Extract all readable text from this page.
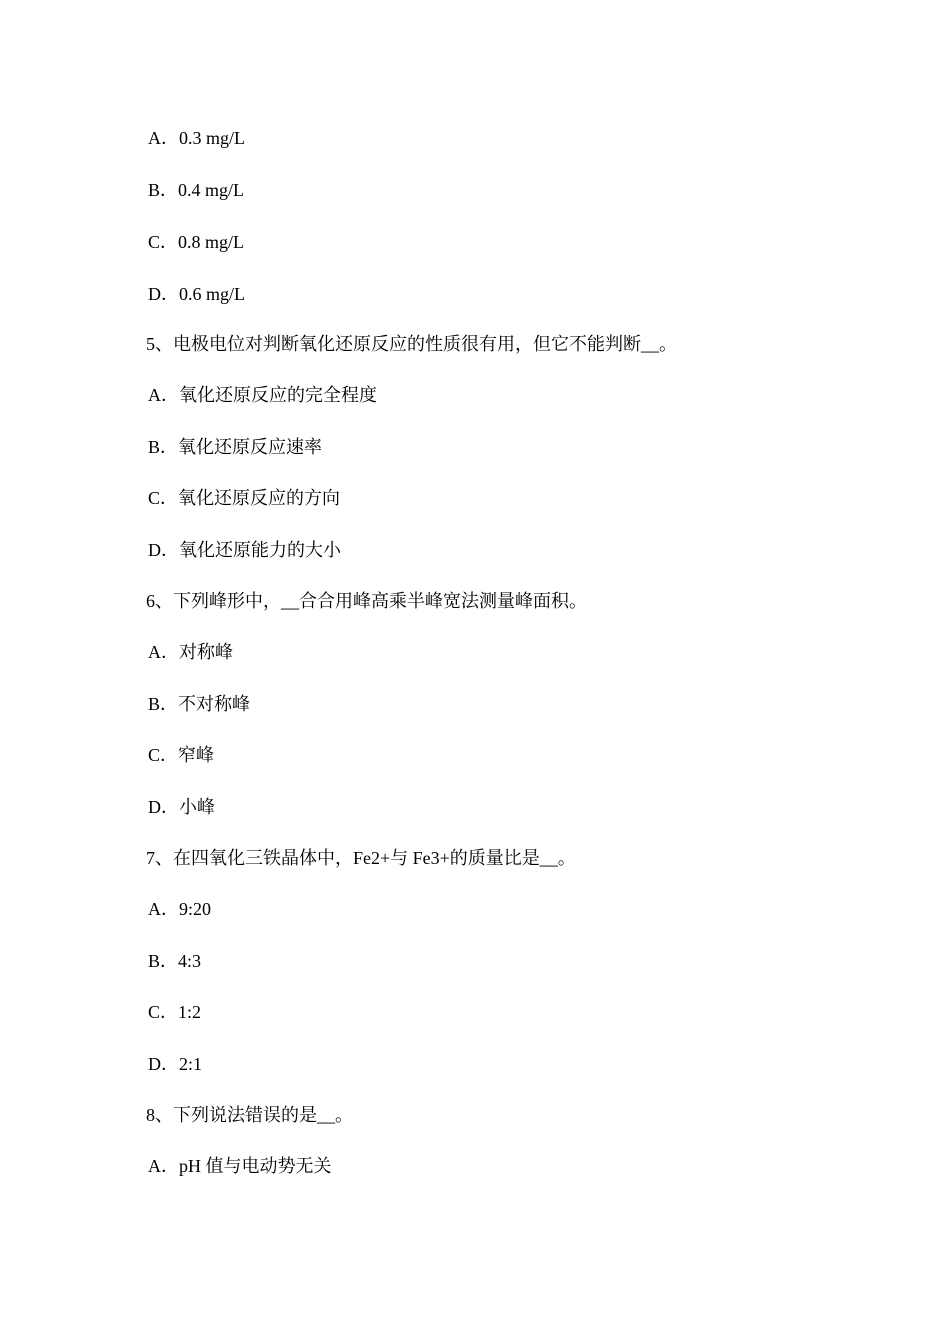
A．0.3 mg/L
B．0.4 mg/L
C．0.8 mg/L
D．0.6 mg/L
5、电极电位对判断氧化还原反应的性质很有用，但它不能判断__。
A．氧化还原反应的完全程度
B．氧化还原反应速率
C．氧化还原反应的方向
D．氧化还原能力的大小
6、下列峰形中，__合合用峰高乘半峰宽法测量峰面积。
A．对称峰
B．不对称峰
C．窄峰
D．小峰
7、在四氧化三铁晶体中，Fe2+与 Fe3+的质量比是__。
A．9:20
B．4:3
C．1:2
D．2:1
8、下列说法错误的是__。
A．pH 值与电动势无关
